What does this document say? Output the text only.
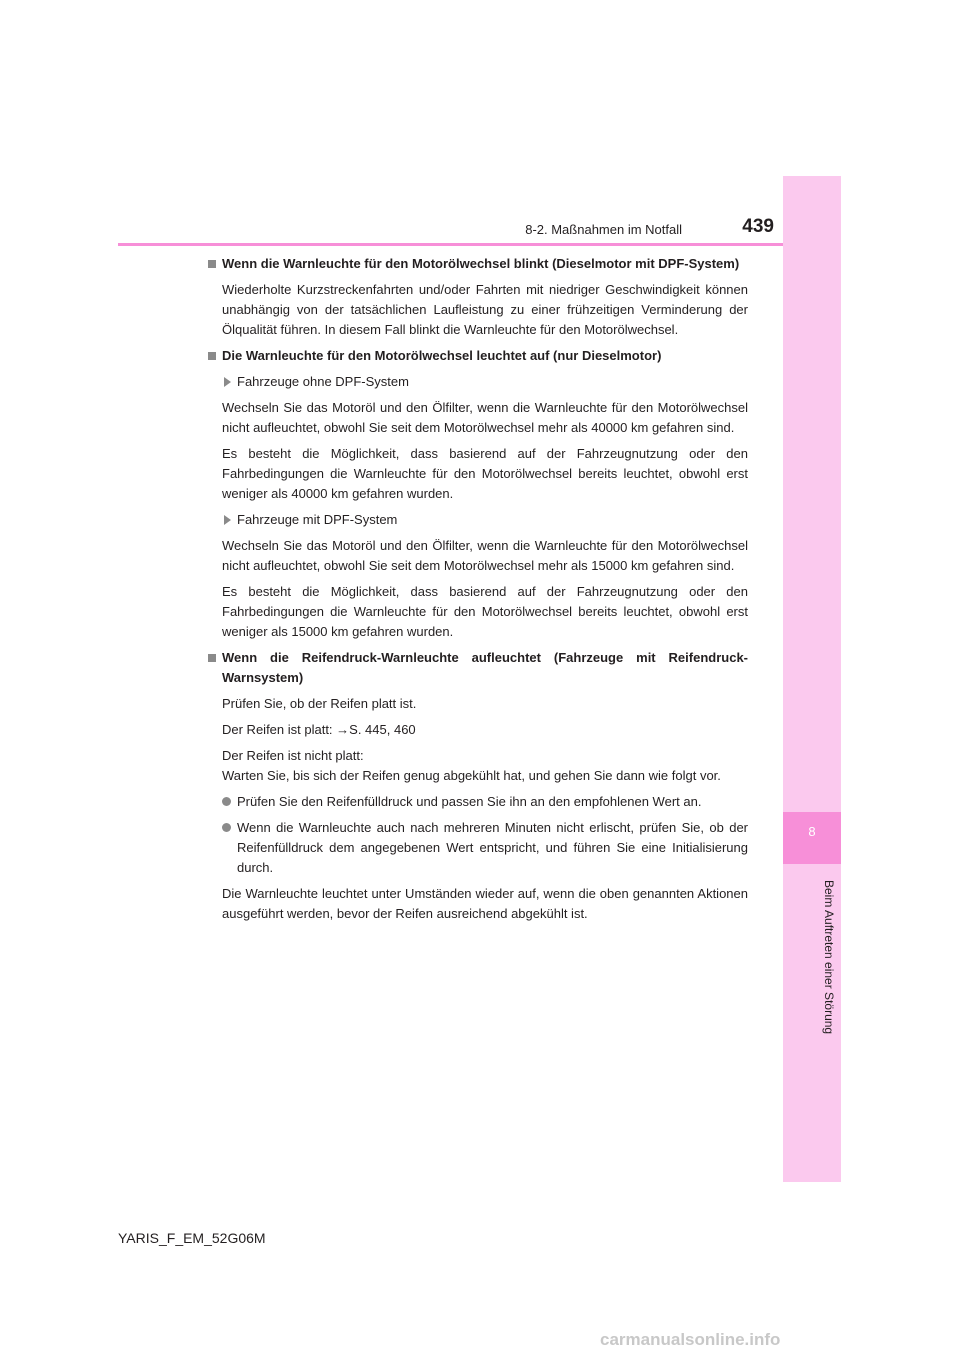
8
Beim Auftreten einer Störung
8-2. Maßnahmen im Notfall	439
Wenn die Warnleuchte für den Motorölwechsel blinkt (Dieselmotor mit DPF-System)

Wiederholte Kurzstreckenfahrten und/oder Fahrten mit niedriger Geschwindigkeit können unabhängig von der tatsächlichen Laufleistung zu einer frühzeitigen Verminderung der Ölqualität führen. In diesem Fall blinkt die Warnleuchte für den Motorölwechsel.

Die Warnleuchte für den Motorölwechsel leuchtet auf (nur Dieselmotor)
Fahrzeuge ohne DPF-System

Wechseln Sie das Motoröl und den Ölfilter, wenn die Warnleuchte für den Motorölwechsel nicht aufleuchtet, obwohl Sie seit dem Motorölwechsel mehr als 40000 km gefahren sind.

Es besteht die Möglichkeit, dass basierend auf der Fahrzeugnutzung oder den Fahrbedingungen die Warnleuchte für den Motorölwechsel bereits leuchtet, obwohl erst weniger als 40000 km gefahren wurden.

Fahrzeuge mit DPF-System

Wechseln Sie das Motoröl und den Ölfilter, wenn die Warnleuchte für den Motorölwechsel nicht aufleuchtet, obwohl Sie seit dem Motorölwechsel mehr als 15000 km gefahren sind.

Es besteht die Möglichkeit, dass basierend auf der Fahrzeugnutzung oder den Fahrbedingungen die Warnleuchte für den Motorölwechsel bereits leuchtet, obwohl erst weniger als 15000 km gefahren wurden.

Wenn die Reifendruck-Warnleuchte aufleuchtet (Fahrzeuge mit Reifendruck-Warnsystem)

Prüfen Sie, ob der Reifen platt ist.

Der Reifen ist platt: →S. 445, 460

Der Reifen ist nicht platt:
Warten Sie, bis sich der Reifen genug abgekühlt hat, und gehen Sie dann wie folgt vor.

Prüfen Sie den Reifenfülldruck und passen Sie ihn an den empfohlenen Wert an.
Wenn die Warnleuchte auch nach mehreren Minuten nicht erlischt, prüfen Sie, ob der Reifenfülldruck dem angegebenen Wert entspricht, und führen Sie eine Initialisierung durch.

Die Warnleuchte leuchtet unter Umständen wieder auf, wenn die oben genannten Aktionen ausgeführt werden, bevor der Reifen ausreichend abgekühlt ist.

YARIS_F_EM_52G06M
carmanualsonline.info
